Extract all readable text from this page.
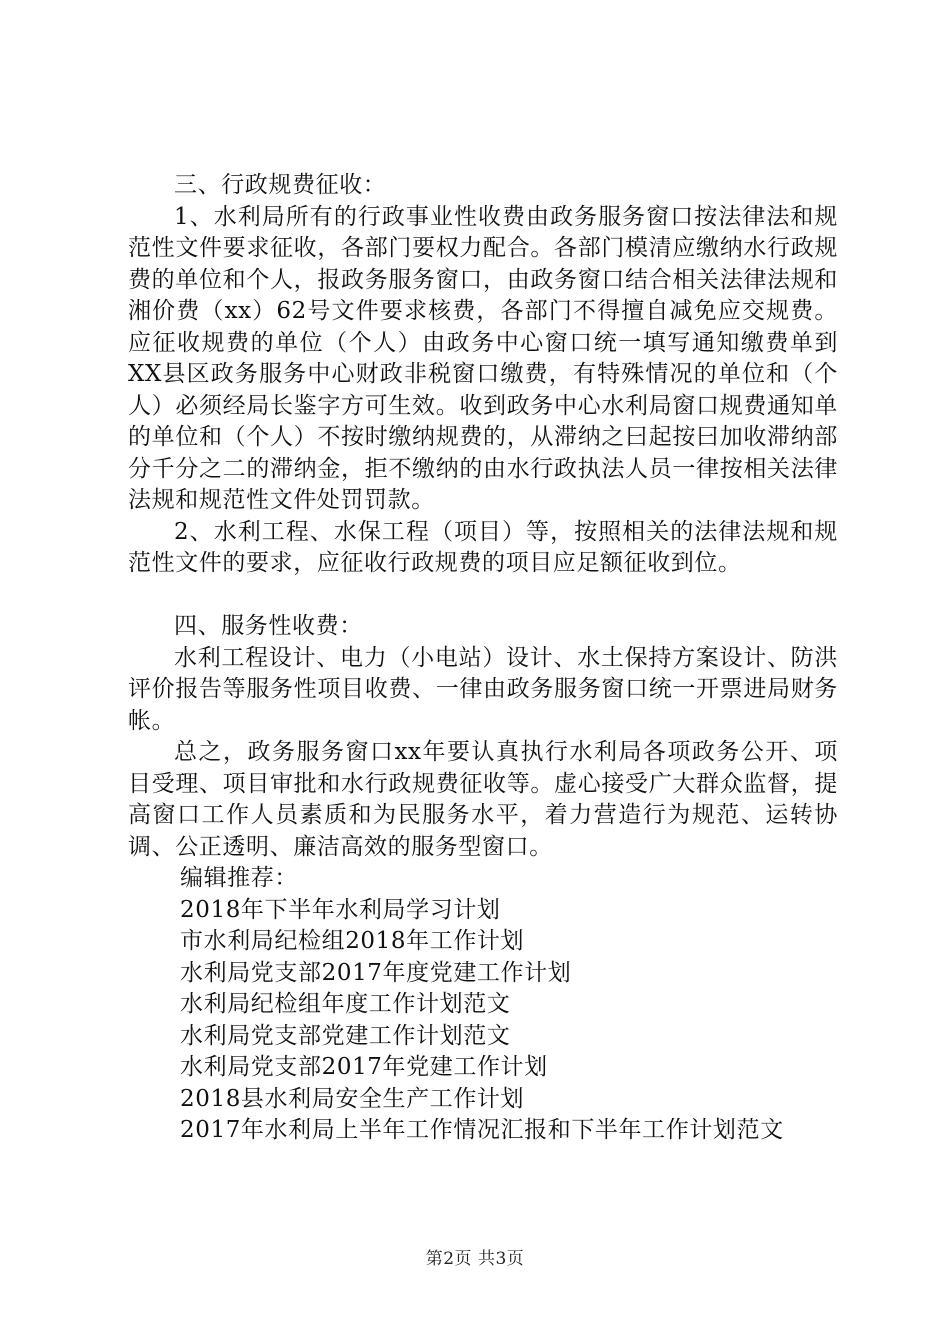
三、行政规费征收：

1、水利局所有的行政事业性收费由政务服务窗口按法律法和规范性文件要求征收，各部门要权力配合。各部门模清应缴纳水行政规费的单位和个人，报政务服务窗口，由政务窗口结合相关法律法规和湘价费（xx）62号文件要求核费，各部门不得擅自减免应交规费。应征收规费的单位（个人）由政务中心窗口统一填写通知缴费单到XX县区政务服务中心财政非税窗口缴费，有特殊情况的单位和（个人）必须经局长鉴字方可生效。收到政务中心水利局窗口规费通知单的单位和（个人）不按时缴纳规费的，从滞纳之曰起按曰加收滞纳部分千分之二的滞纳金，拒不缴纳的由水行政执法人员一律按相关法律法规和规范性文件处罚罚款。

2、水利工程、水保工程（项目）等，按照相关的法律法规和规范性文件的要求，应征收行政规费的项目应足额征收到位。

四、服务性收费：

水利工程设计、电力（小电站）设计、水土保持方案设计、防洪评价报告等服务性项目收费、一律由政务服务窗口统一开票进局财务帐。

总之，政务服务窗口xx年要认真执行水利局各项政务公开、项目受理、项目审批和水行政规费征收等。虚心接受广大群众监督，提高窗口工作人员素质和为民服务水平，着力营造行为规范、运转协调、公正透明、廉洁高效的服务型窗口。

编辑推荐：

2018年下半年水利局学习计划
市水利局纪检组2018年工作计划
水利局党支部2017年度党建工作计划
水利局纪检组年度工作计划范文
水利局党支部党建工作计划范文
水利局党支部2017年党建工作计划
2018县水利局安全生产工作计划
2017年水利局上半年工作情况汇报和下半年工作计划范文
第2页 共3页
